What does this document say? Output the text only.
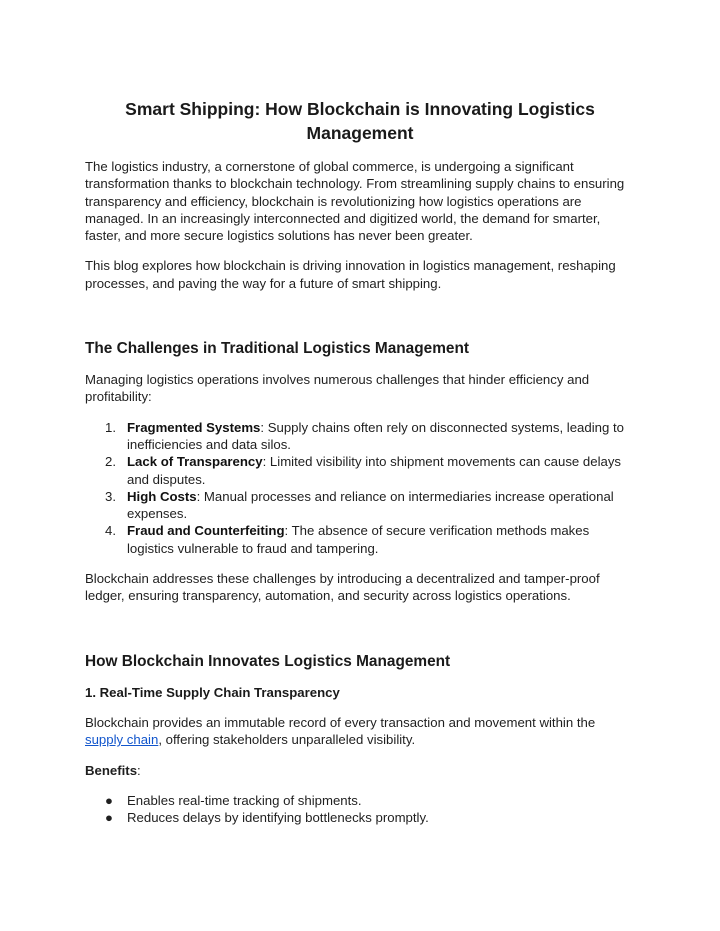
Smart Shipping: How Blockchain is Innovating Logistics Management

The logistics industry, a cornerstone of global commerce, is undergoing a significant transformation thanks to blockchain technology. From streamlining supply chains to ensuring transparency and efficiency, blockchain is revolutionizing how logistics operations are managed. In an increasingly interconnected and digitized world, the demand for smarter, faster, and more secure logistics solutions has never been greater.

This blog explores how blockchain is driving innovation in logistics management, reshaping processes, and paving the way for a future of smart shipping.

The Challenges in Traditional Logistics Management

Managing logistics operations involves numerous challenges that hinder efficiency and profitability:

1. Fragmented Systems: Supply chains often rely on disconnected systems, leading to inefficiencies and data silos.
2. Lack of Transparency: Limited visibility into shipment movements can cause delays and disputes.
3. High Costs: Manual processes and reliance on intermediaries increase operational expenses.
4. Fraud and Counterfeiting: The absence of secure verification methods makes logistics vulnerable to fraud and tampering.

Blockchain addresses these challenges by introducing a decentralized and tamper-proof ledger, ensuring transparency, automation, and security across logistics operations.

How Blockchain Innovates Logistics Management
1. Real-Time Supply Chain Transparency

Blockchain provides an immutable record of every transaction and movement within the supply chain, offering stakeholders unparalleled visibility.

Benefits:

● Enables real-time tracking of shipments.
● Reduces delays by identifying bottlenecks promptly.
